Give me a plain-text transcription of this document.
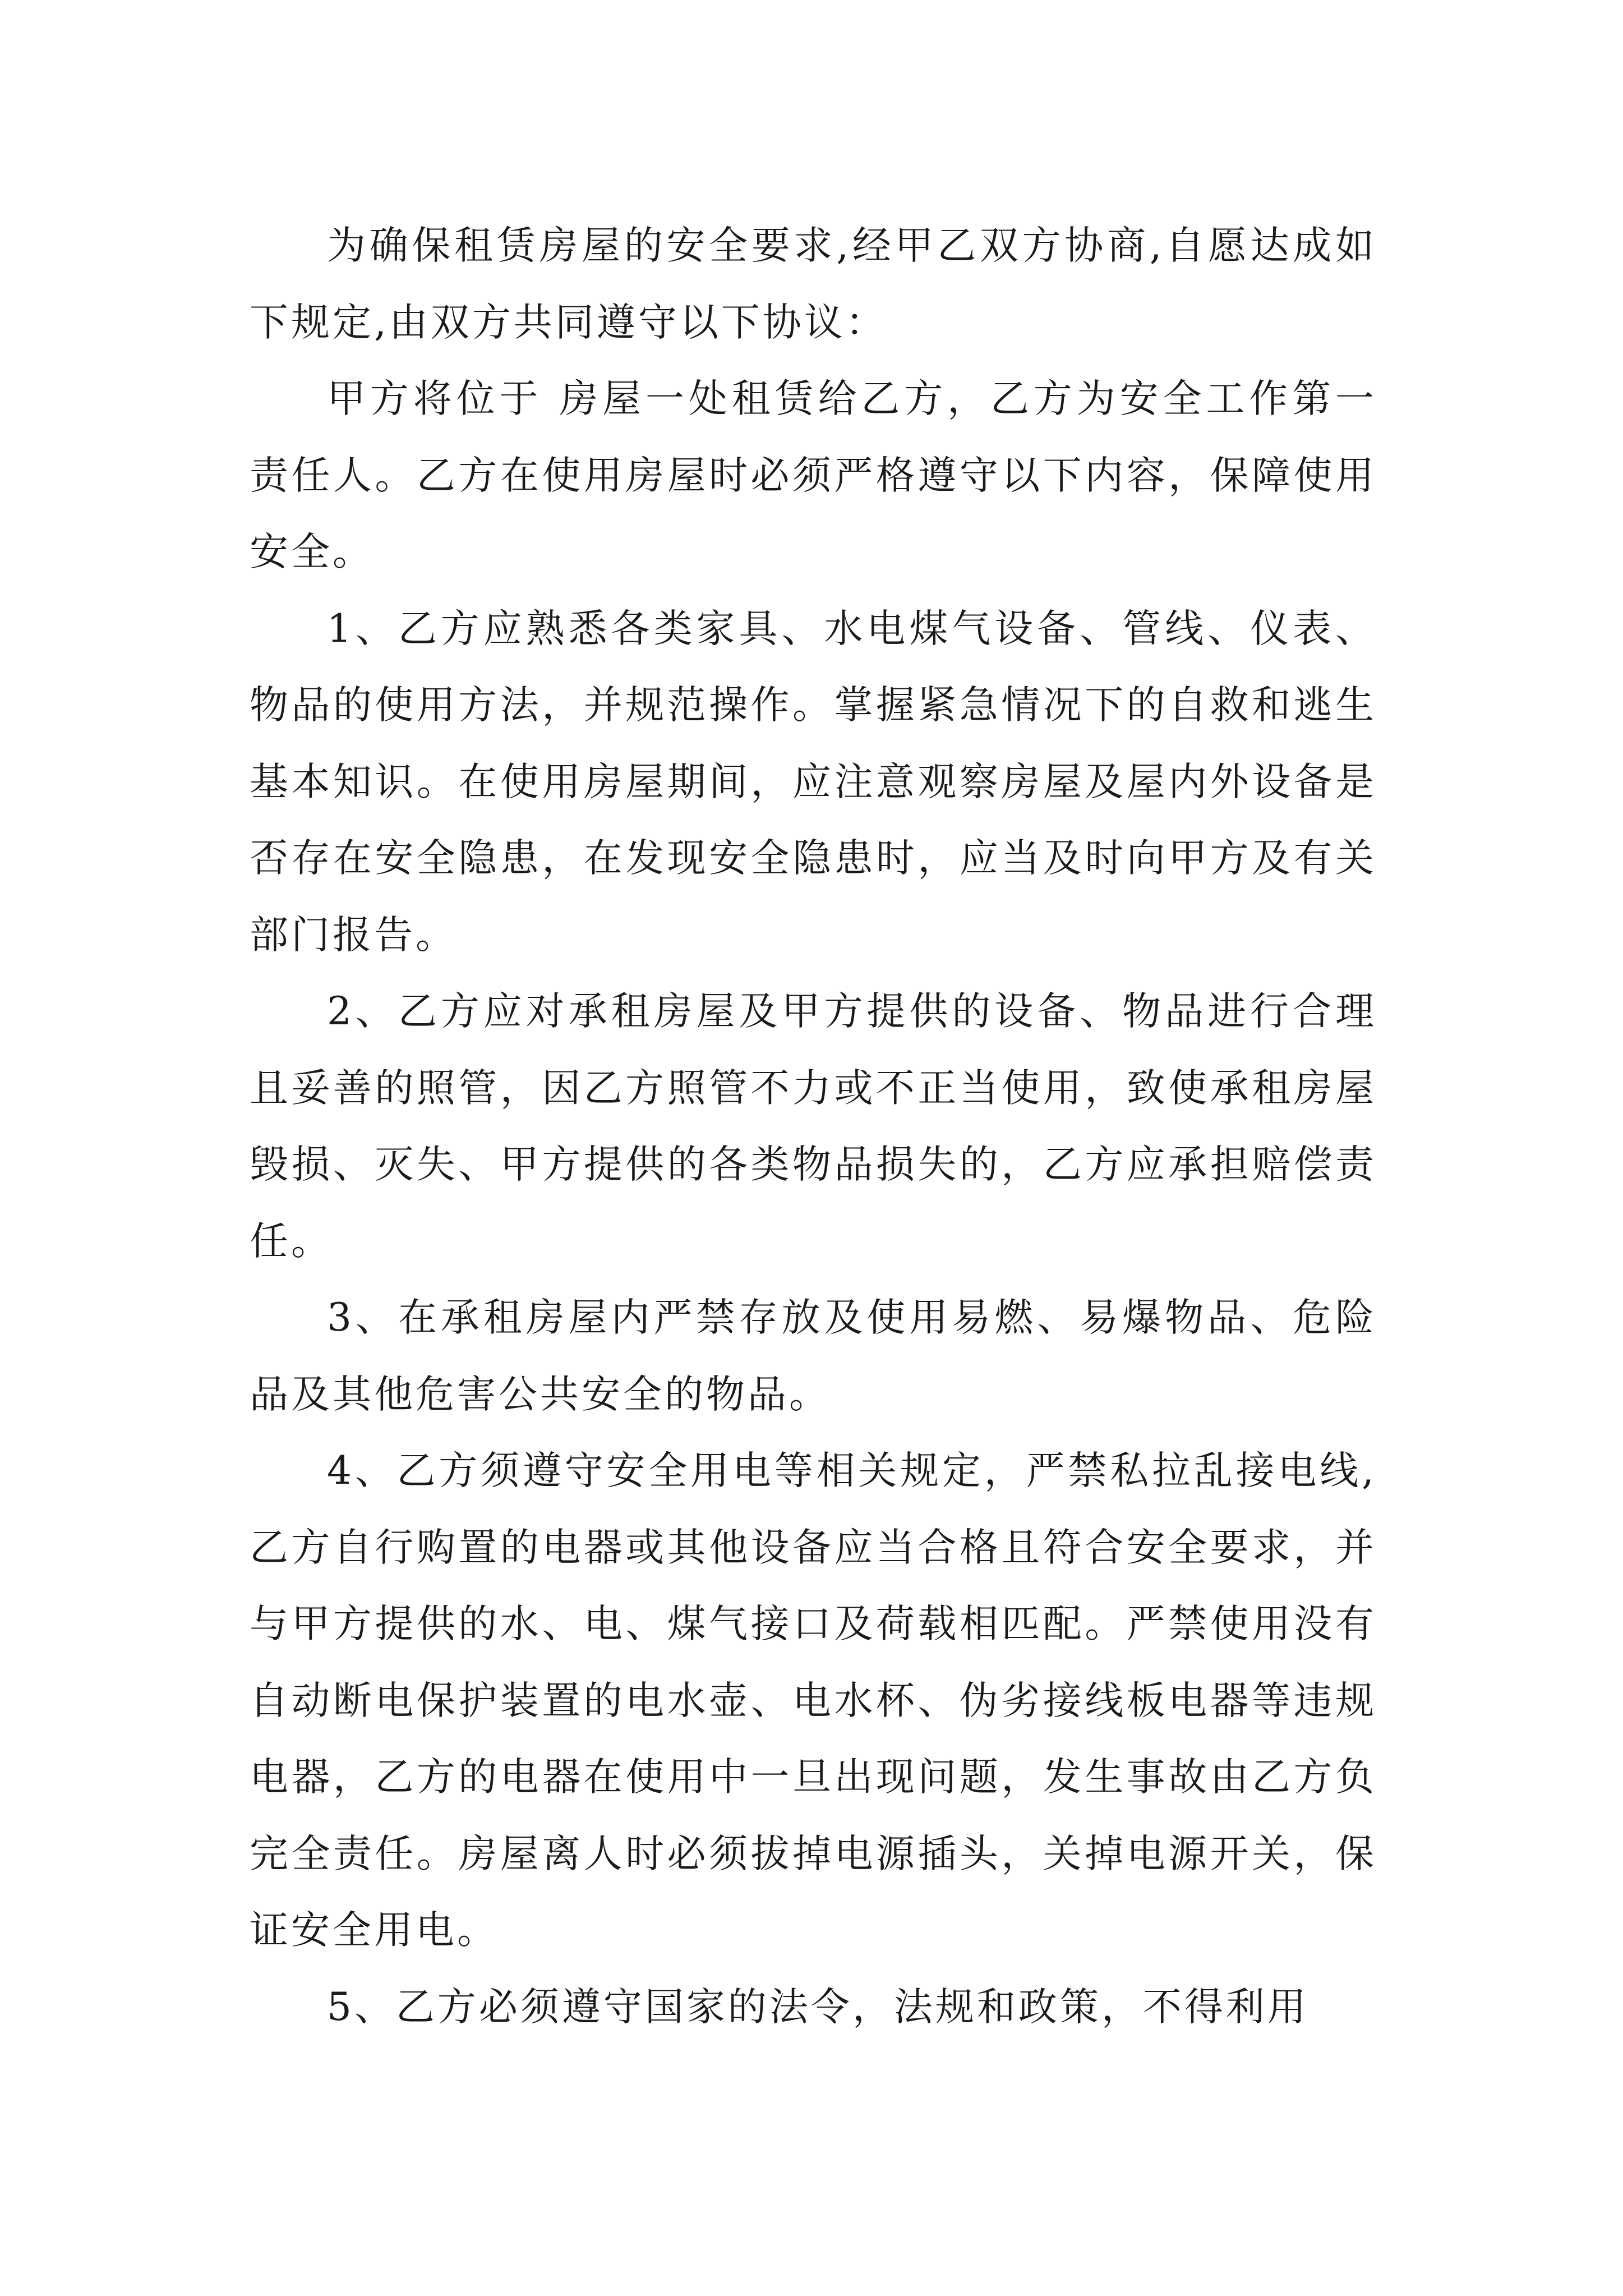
为确保租赁房屋的安全要求,经甲乙双方协商,自愿达成如下规定,由双方共同遵守以下协议：

甲方将位于 房屋一处租赁给乙方，乙方为安全工作第一责任人。乙方在使用房屋时必须严格遵守以下内容，保障使用安全。

1、乙方应熟悉各类家具、水电煤气设备、管线、仪表、物品的使用方法，并规范操作。掌握紧急情况下的自救和逃生基本知识。在使用房屋期间，应注意观察房屋及屋内外设备是否存在安全隐患，在发现安全隐患时，应当及时向甲方及有关部门报告。

2、乙方应对承租房屋及甲方提供的设备、物品进行合理且妥善的照管，因乙方照管不力或不正当使用，致使承租房屋毁损、灭失、甲方提供的各类物品损失的，乙方应承担赔偿责任。

3、在承租房屋内严禁存放及使用易燃、易爆物品、危险品及其他危害公共安全的物品。

4、乙方须遵守安全用电等相关规定，严禁私拉乱接电线,乙方自行购置的电器或其他设备应当合格且符合安全要求，并与甲方提供的水、电、煤气接口及荷载相匹配。严禁使用没有自动断电保护装置的电水壶、电水杯、伪劣接线板电器等违规电器，乙方的电器在使用中一旦出现问题，发生事故由乙方负完全责任。房屋离人时必须拔掉电源插头，关掉电源开关，保证安全用电。

5、乙方必须遵守国家的法令，法规和政策，不得利用
